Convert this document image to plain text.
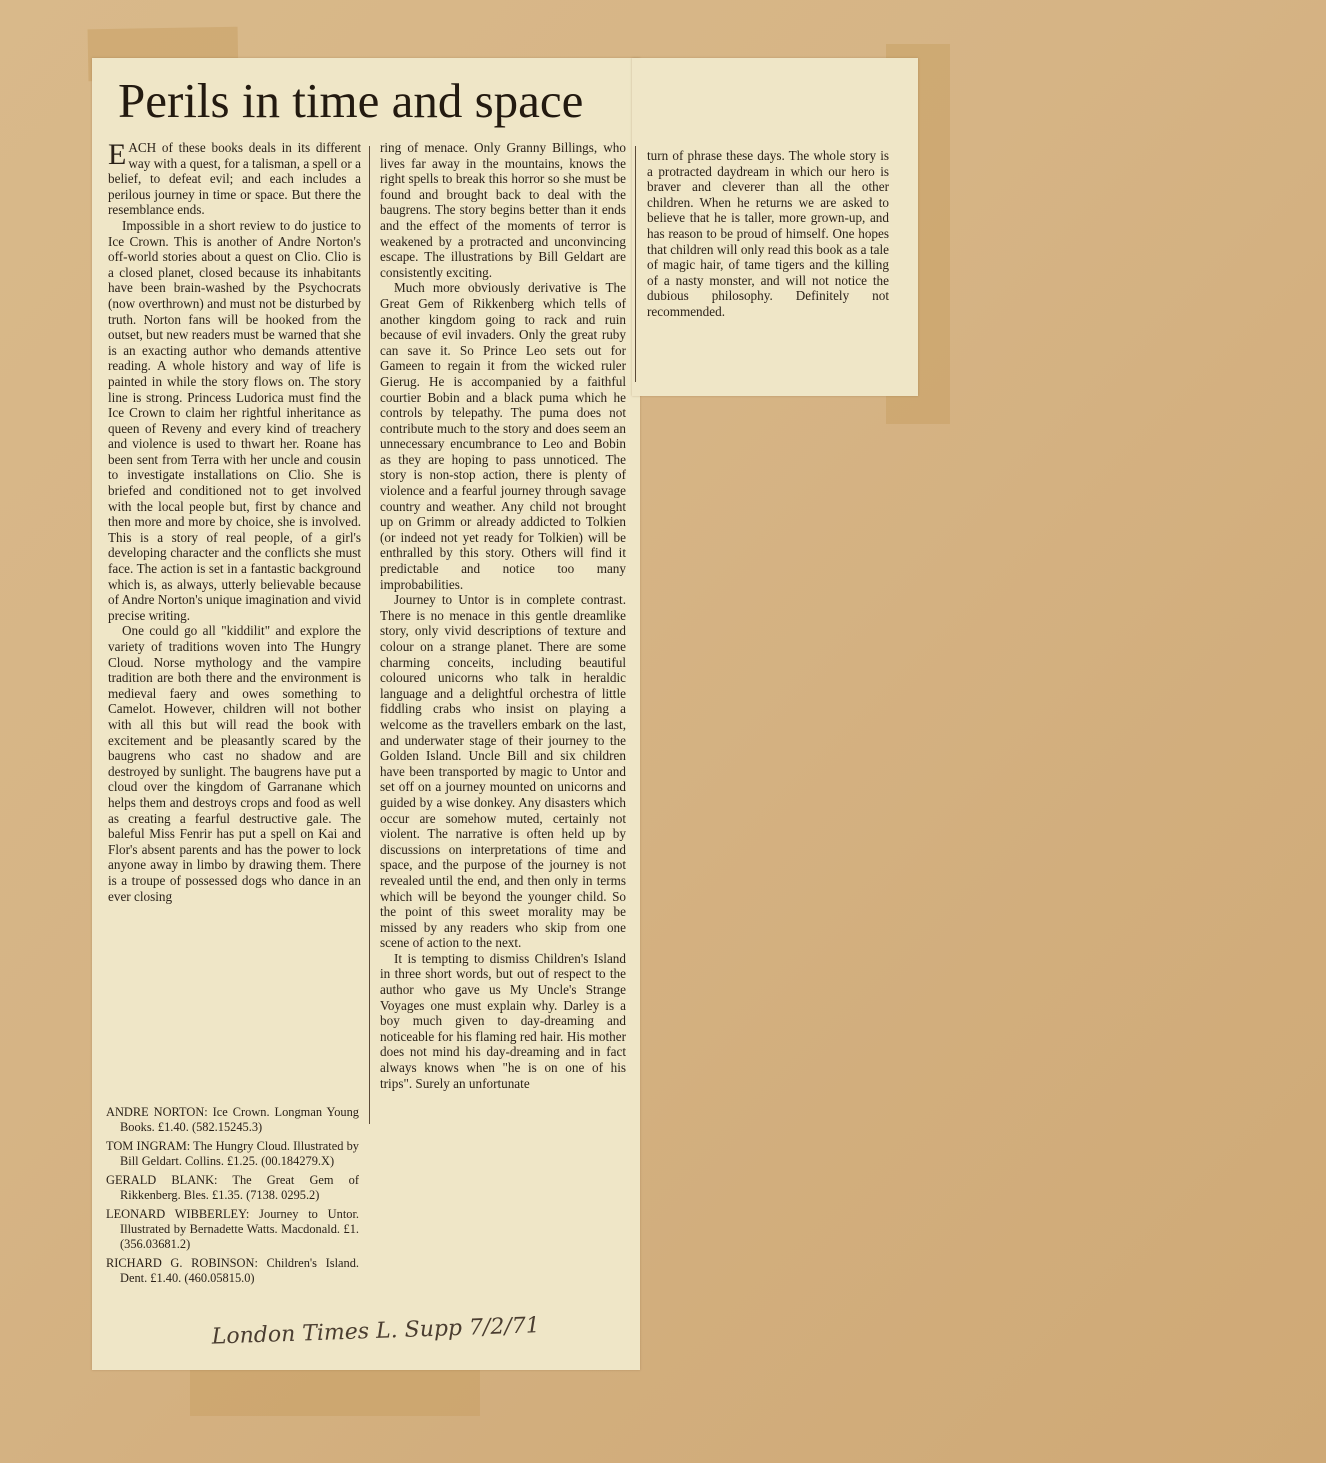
Perils in time and space

EACH of these books deals in its different way with a quest, for a talisman, a spell or a belief, to defeat evil; and each includes a perilous journey in time or space. But there the resemblance ends.

Impossible in a short review to do justice to Ice Crown. This is another of Andre Norton's off-world stories about a quest on Clio. Clio is a closed planet, closed because its inhabitants have been brain-washed by the Psychocrats (now overthrown) and must not be disturbed by truth. Norton fans will be hooked from the outset, but new readers must be warned that she is an exacting author who demands attentive reading. A whole history and way of life is painted in while the story flows on. The story line is strong. Princess Ludorica must find the Ice Crown to claim her rightful inheritance as queen of Reveny and every kind of treachery and violence is used to thwart her. Roane has been sent from Terra with her uncle and cousin to investigate installations on Clio. She is briefed and conditioned not to get involved with the local people but, first by chance and then more and more by choice, she is involved. This is a story of real people, of a girl's developing character and the conflicts she must face. The action is set in a fantastic background which is, as always, utterly believable because of Andre Norton's unique imagination and vivid precise writing.

One could go all "kiddilit" and explore the variety of traditions woven into The Hungry Cloud. Norse mythology and the vampire tradition are both there and the environment is medieval faery and owes something to Camelot. However, children will not bother with all this but will read the book with excitement and be pleasantly scared by the baugrens who cast no shadow and are destroyed by sunlight. The baugrens have put a cloud over the kingdom of Garranane which helps them and destroys crops and food as well as creating a fearful destructive gale. The baleful Miss Fenrir has put a spell on Kai and Flor's absent parents and has the power to lock anyone away in limbo by drawing them. There is a troupe of possessed dogs who dance in an ever closing

ring of menace. Only Granny Billings, who lives far away in the mountains, knows the right spells to break this horror so she must be found and brought back to deal with the baugrens. The story begins better than it ends and the effect of the moments of terror is weakened by a protracted and unconvincing escape. The illustrations by Bill Geldart are consistently exciting.

Much more obviously derivative is The Great Gem of Rikkenberg which tells of another kingdom going to rack and ruin because of evil invaders. Only the great ruby can save it. So Prince Leo sets out for Gameen to regain it from the wicked ruler Gierug. He is accompanied by a faithful courtier Bobin and a black puma which he controls by telepathy. The puma does not contribute much to the story and does seem an unnecessary encumbrance to Leo and Bobin as they are hoping to pass unnoticed. The story is non-stop action, there is plenty of violence and a fearful journey through savage country and weather. Any child not brought up on Grimm or already addicted to Tolkien (or indeed not yet ready for Tolkien) will be enthralled by this story. Others will find it predictable and notice too many improbabilities.

Journey to Untor is in complete contrast. There is no menace in this gentle dreamlike story, only vivid descriptions of texture and colour on a strange planet. There are some charming conceits, including beautiful coloured unicorns who talk in heraldic language and a delightful orchestra of little fiddling crabs who insist on playing a welcome as the travellers embark on the last, and underwater stage of their journey to the Golden Island. Uncle Bill and six children have been transported by magic to Untor and set off on a journey mounted on unicorns and guided by a wise donkey. Any disasters which occur are somehow muted, certainly not violent. The narrative is often held up by discussions on interpretations of time and space, and the purpose of the journey is not revealed until the end, and then only in terms which will be beyond the younger child. So the point of this sweet morality may be missed by any readers who skip from one scene of action to the next.

It is tempting to dismiss Children's Island in three short words, but out of respect to the author who gave us My Uncle's Strange Voyages one must explain why. Darley is a boy much given to day-dreaming and noticeable for his flaming red hair. His mother does not mind his day-dreaming and in fact always knows when "he is on one of his trips". Surely an unfortunate

turn of phrase these days. The whole story is a protracted daydream in which our hero is braver and cleverer than all the other children. When he returns we are asked to believe that he is taller, more grown-up, and has reason to be proud of himself. One hopes that children will only read this book as a tale of magic hair, of tame tigers and the killing of a nasty monster, and will not notice the dubious philosophy. Definitely not recommended.

ANDRE NORTON: Ice Crown. Longman Young Books. £1.40. (582.15245.3)
TOM INGRAM: The Hungry Cloud. Illustrated by Bill Geldart. Collins. £1.25. (00.184279.X)
GERALD BLANK: The Great Gem of Rikkenberg. Bles. £1.35. (7138. 0295.2)
LEONARD WIBBERLEY: Journey to Untor. Illustrated by Bernadette Watts. Macdonald. £1. (356.03681.2)
RICHARD G. ROBINSON: Children's Island. Dent. £1.40. (460.05815.0)
London Times L. Supp 7/2/71
